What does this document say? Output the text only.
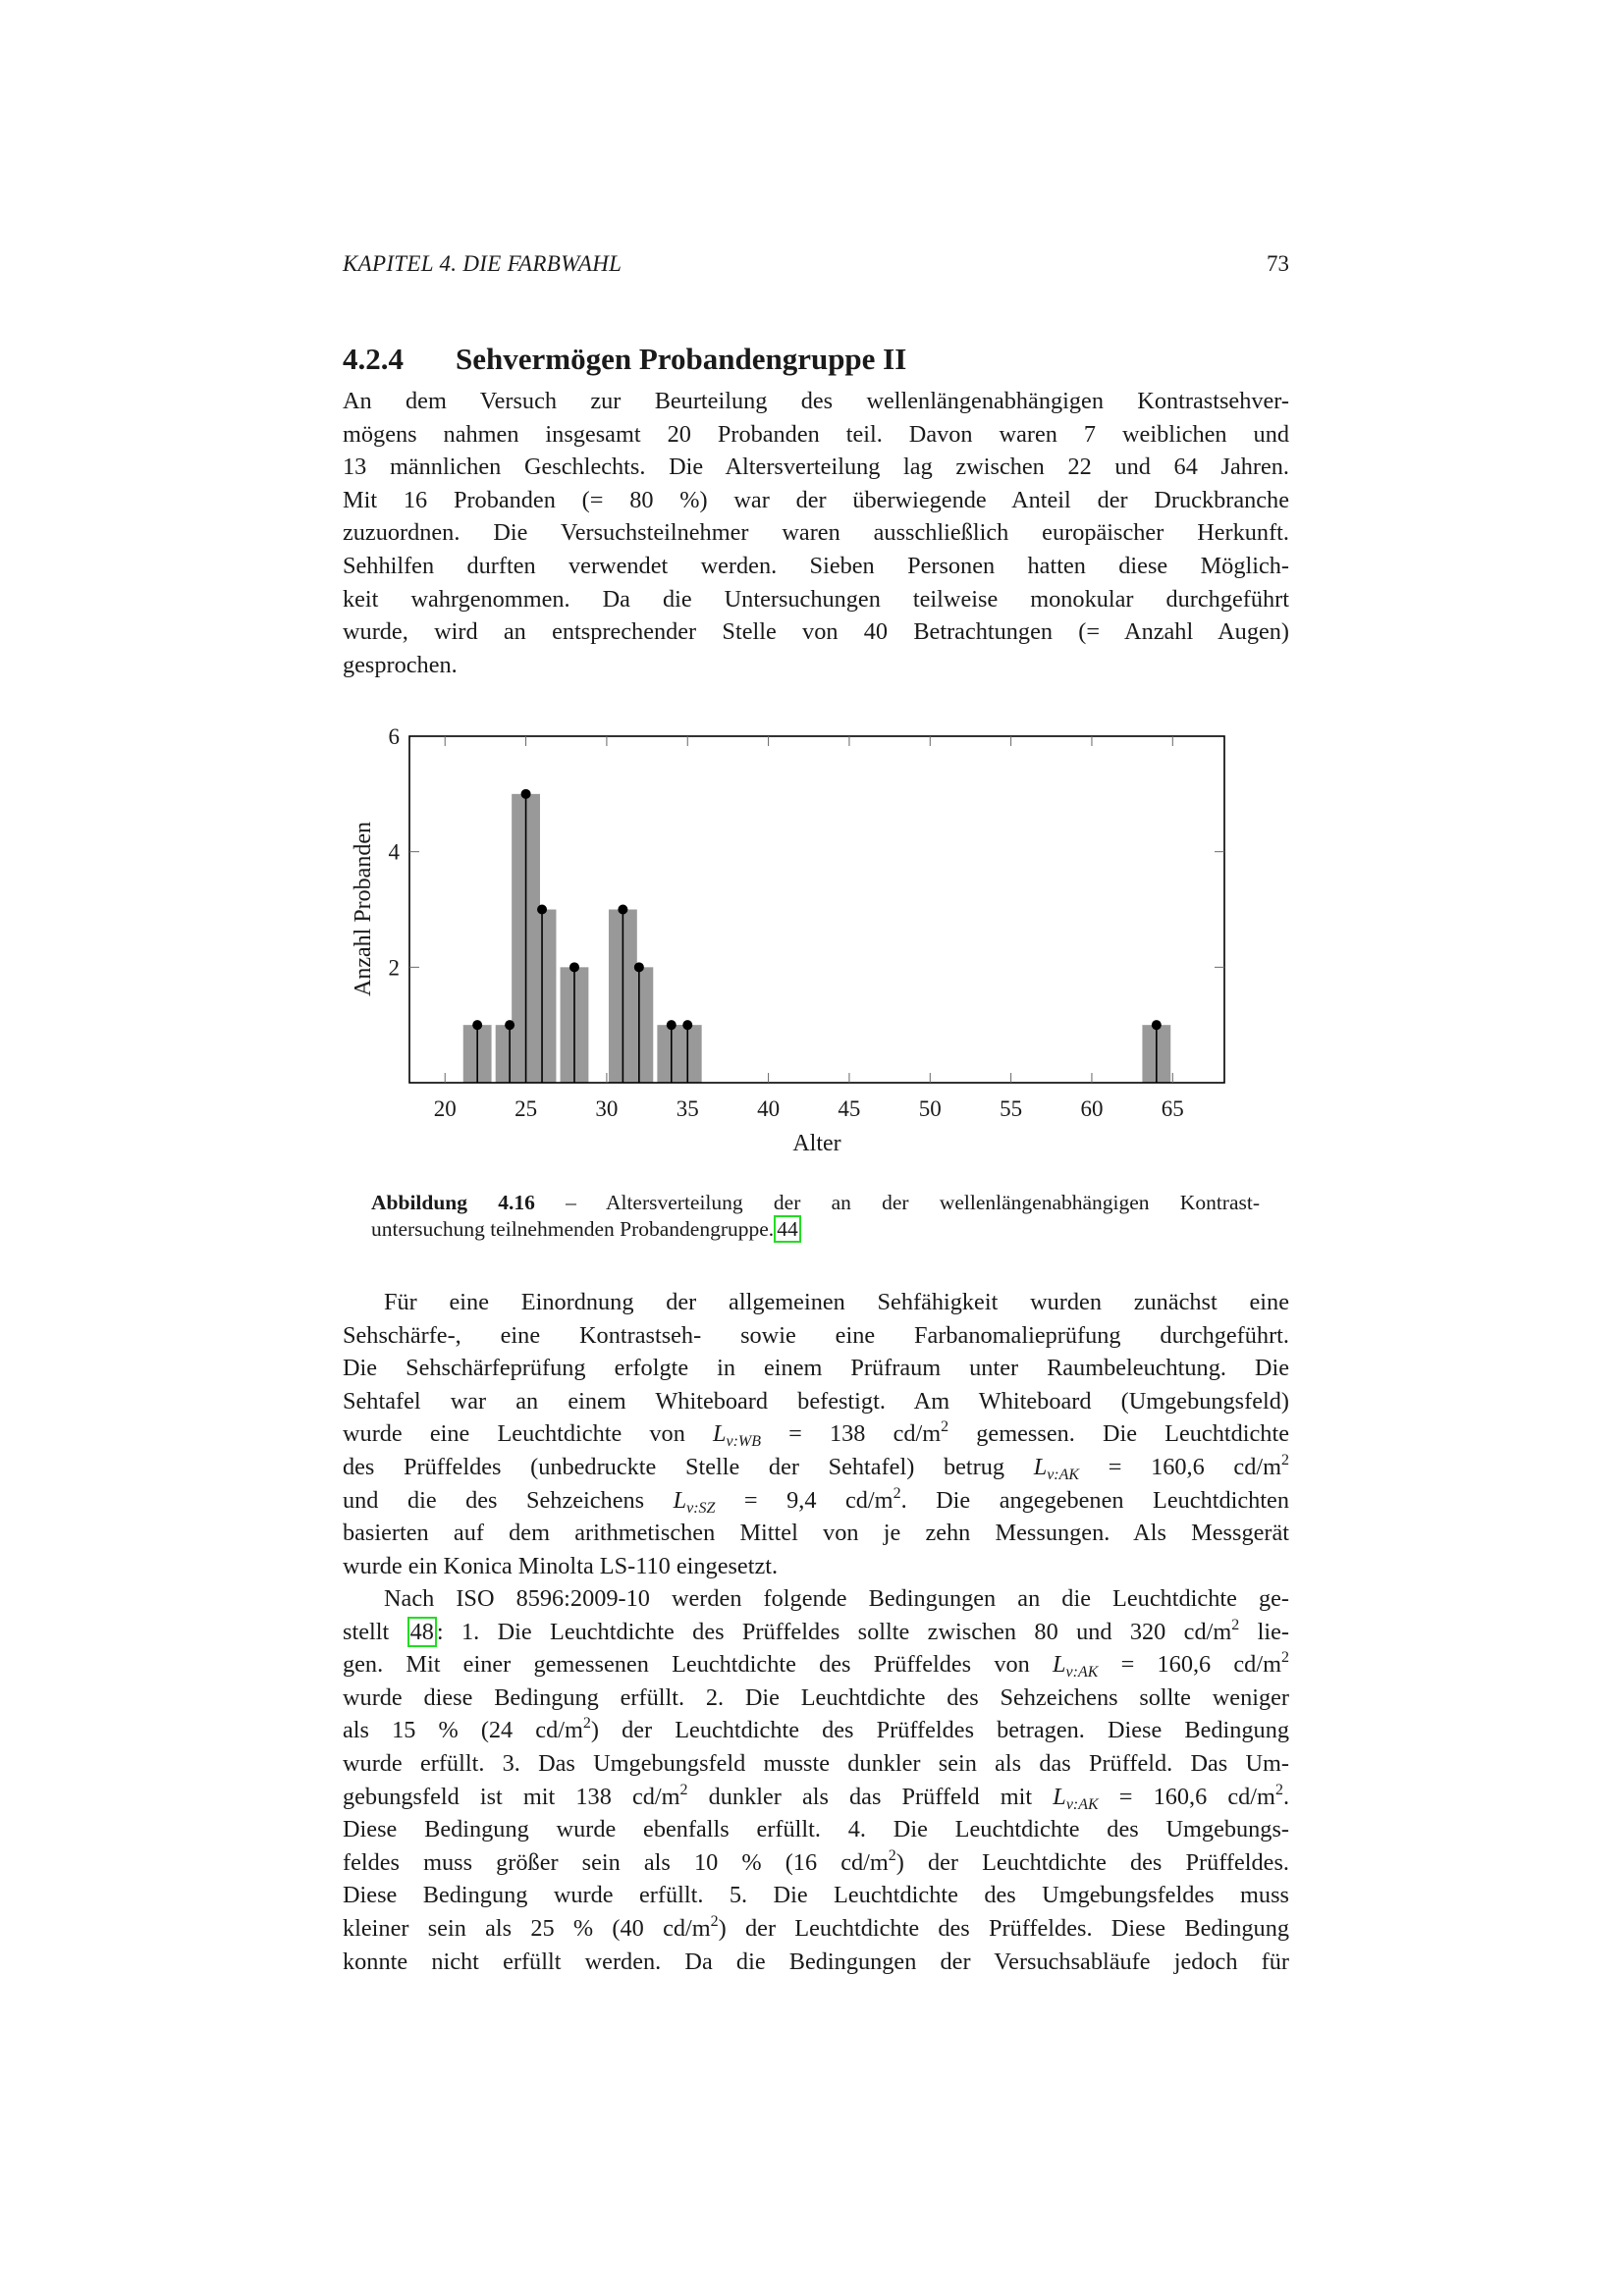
KAPITEL 4. DIE FARBWAHL	73
4.2.4 Sehvermögen Probandengruppe II
An dem Versuch zur Beurteilung des wellenlängenabhängigen Kontrastsehver-
mögens nahmen insgesamt 20 Probanden teil. Davon waren 7 weiblichen und
13 männlichen Geschlechts. Die Altersverteilung lag zwischen 22 und 64 Jahren.
Mit 16 Probanden (= 80 %) war der überwiegende Anteil der Druckbranche
zuzuordnen. Die Versuchsteilnehmer waren ausschließlich europäischer Herkunft.
Sehhilfen durften verwendet werden. Sieben Personen hatten diese Möglich-
keit wahrgenommen. Da die Untersuchungen teilweise monokular durchgeführt
wurde, wird an entsprechender Stelle von 40 Betrachtungen (= Anzahl Augen)
gesprochen.
20	25	30	35	40	45	50	55	60	65
2
4
6
Alter
Anzahl Probanden
Abbildung 4.16 – Altersverteilung der an der wellenlängenabhängigen Kontrast-
untersuchung teilnehmenden Probandengruppe. 44
Für eine Einordnung der allgemeinen Sehfähigkeit wurden zunächst eine
Sehschärfe-, eine Kontrastseh- sowie eine Farbanomalieprüfung durchgeführt.
Die Sehschärfeprüfung erfolgte in einem Prüfraum unter Raumbeleuchtung. Die
Sehtafel war an einem Whiteboard befestigt. Am Whiteboard (Umgebungsfeld)
wurde eine Leuchtdichte von $L_{v:WB} = 138$ $cd/m^2$ gemessen. Die Leuchtdichte
des Prüffeldes (unbedruckte Stelle der Sehtafel) betrug $L_{v:AK} = 160,6$ $cd/m^2$
und die des Sehzeichens $L_{v:SZ} = 9,4$ $cd/m^2$. Die angegebenen Leuchtdichten
basierten auf dem arithmetischen Mittel von je zehn Messungen. Als Messgerät
wurde ein Konica Minolta LS-110 eingesetzt.
Nach ISO 8596:2009-10 werden folgende Bedingungen an die Leuchtdichte ge-
stellt 48 : 1. Die Leuchtdichte des Prüffeldes sollte zwischen 80 und 320 $cd/m^2$ lie-
gen. Mit einer gemessenen Leuchtdichte des Prüffeldes von $L_{v:AK} = 160,6$ $cd/m^2$
wurde diese Bedingung erfüllt. 2. Die Leuchtdichte des Sehzeichens sollte weniger
als 15 % (24 $cd/m^2$) der Leuchtdichte des Prüffeldes betragen. Diese Bedingung
wurde erfüllt. 3. Das Umgebungsfeld musste dunkler sein als das Prüffeld. Das Um-
gebungsfeld ist mit 138 $cd/m^2$ dunkler als das Prüffeld mit $L_{v:AK} = 160,6$ $cd/m^2$.
Diese Bedingung wurde ebenfalls erfüllt. 4. Die Leuchtdichte des Umgebungs-
feldes muss größer sein als 10 % (16 $cd/m^2$) der Leuchtdichte des Prüffeldes.
Diese Bedingung wurde erfüllt. 5. Die Leuchtdichte des Umgebungsfeldes muss
kleiner sein als 25 % (40 $cd/m^2$) der Leuchtdichte des Prüffeldes. Diese Bedingung
konnte nicht erfüllt werden. Da die Bedingungen der Versuchsabläufe jedoch für
